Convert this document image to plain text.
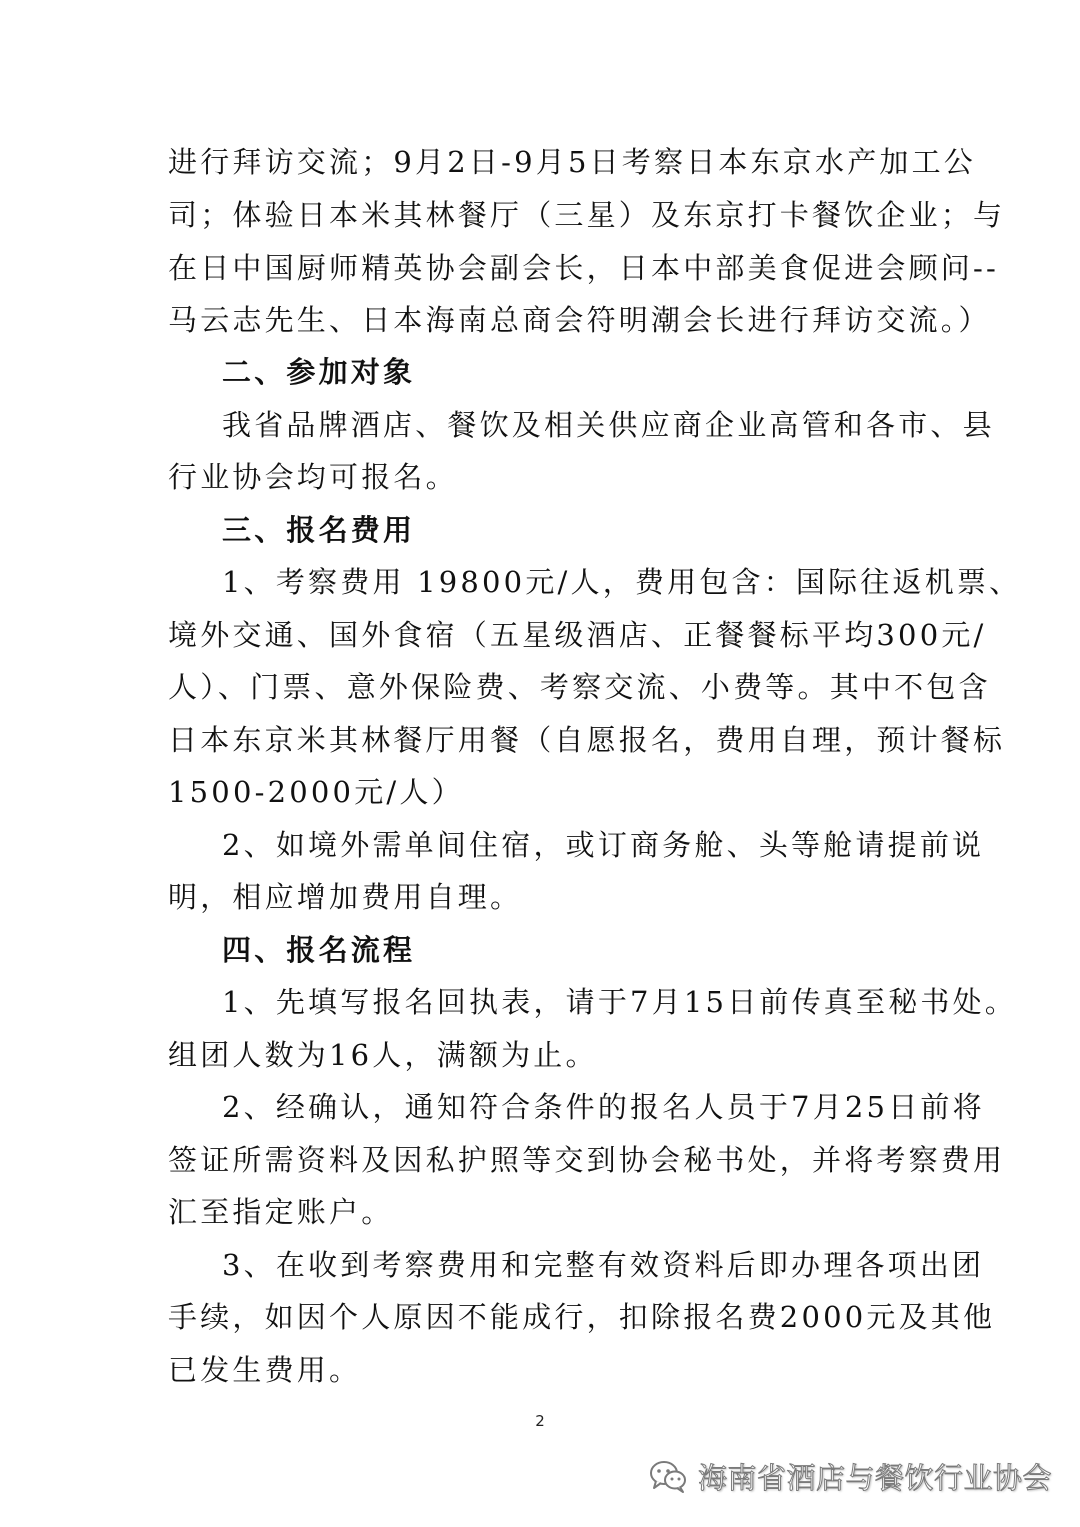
进行拜访交流；9月2日-9月5日考察日本东京水产加工公
司；体验日本米其林餐厅（三星）及东京打卡餐饮企业；与
在日中国厨师精英协会副会长，日本中部美食促进会顾问--
马云志先生、日本海南总商会符明潮会长进行拜访交流。）
二、参加对象
我省品牌酒店、餐饮及相关供应商企业高管和各市、县
行业协会均可报名。
三、报名费用
1、考察费用 19800元/人，费用包含：国际往返机票、
境外交通、国外食宿（五星级酒店、正餐餐标平均300元/
人）、门票、意外保险费、考察交流、小费等。其中不包含
日本东京米其林餐厅用餐（自愿报名，费用自理，预计餐标
1500-2000元/人）
2、如境外需单间住宿，或订商务舱、头等舱请提前说
明，相应增加费用自理。
四、报名流程
1、先填写报名回执表，请于7月15日前传真至秘书处。
组团人数为16人，满额为止。
2、经确认，通知符合条件的报名人员于7月25日前将
签证所需资料及因私护照等交到协会秘书处，并将考察费用
汇至指定账户。
3、在收到考察费用和完整有效资料后即办理各项出团
手续，如因个人原因不能成行，扣除报名费2000元及其他
已发生费用。
2
海南省酒店与餐饮行业协会
